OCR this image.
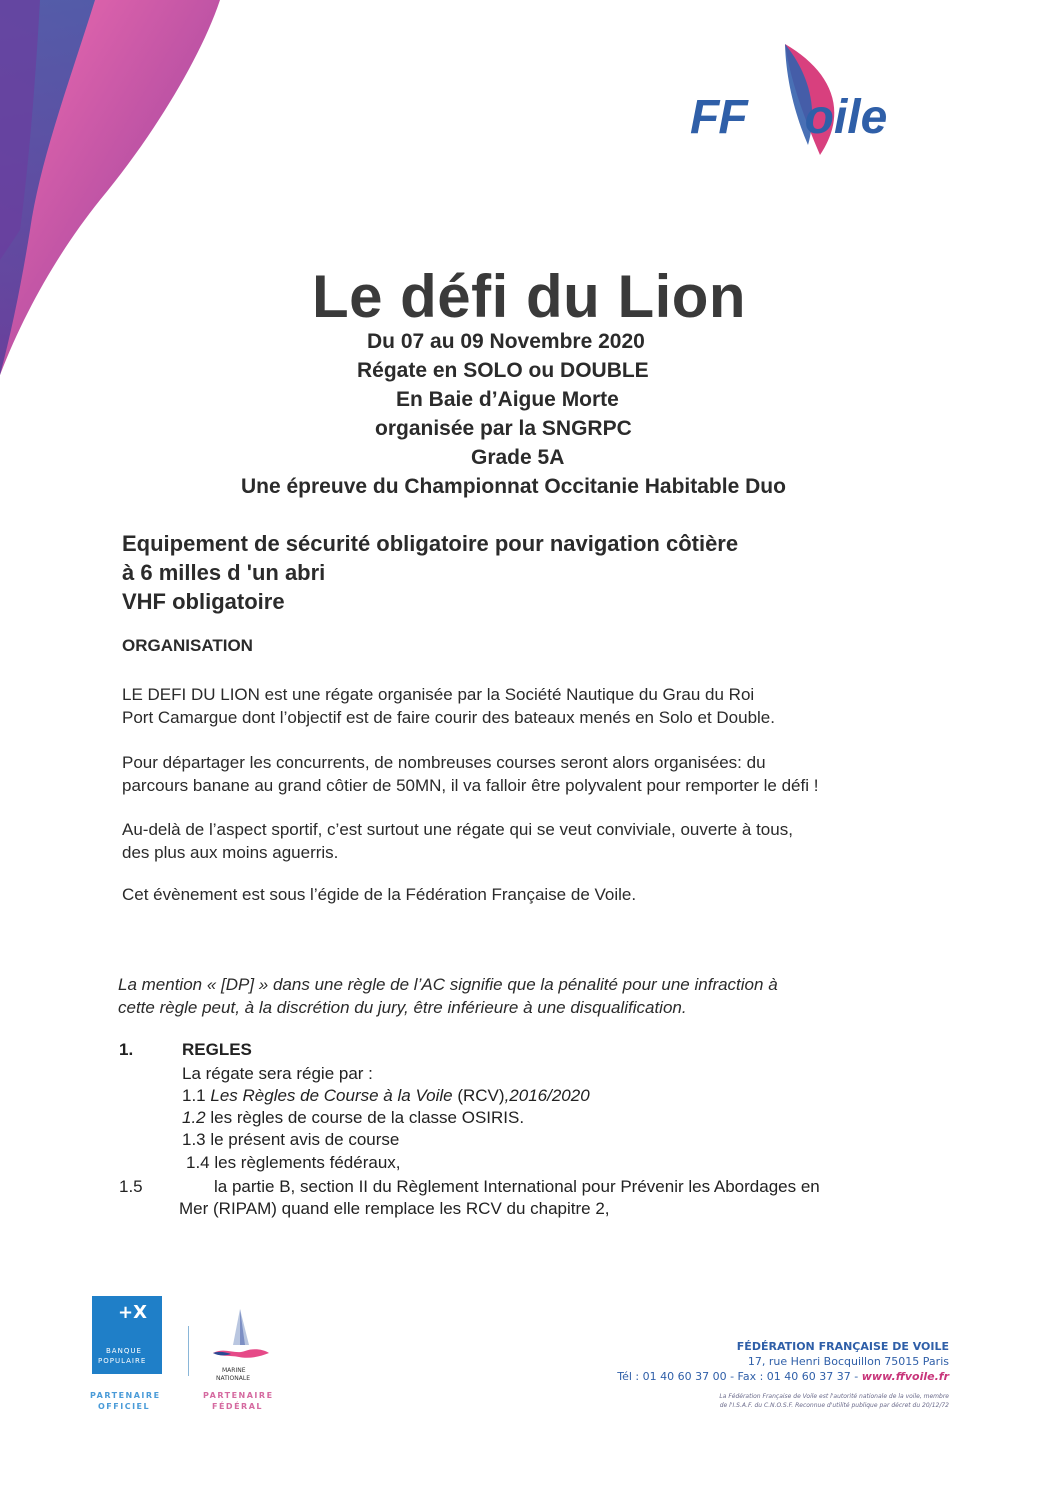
FF oile
Le défi du Lion
Du 07 au 09 Novembre 2020
Régate en SOLO ou DOUBLE
En Baie d’Aigue Morte
organisée par la SNGRPC
Grade 5A
Une épreuve du Championnat Occitanie Habitable Duo
Equipement de sécurité obligatoire pour navigation côtière
à 6 milles d 'un abri
VHF obligatoire
ORGANISATION
LE DEFI DU LION est une régate organisée par la Société Nautique du Grau du Roi
Port Camargue dont l’objectif est de faire courir des bateaux menés en Solo et Double.
Pour départager les concurrents, de nombreuses courses seront alors organisées: du
parcours banane au grand côtier de 50MN, il va falloir être polyvalent pour remporter le défi !
Au-delà de l’aspect sportif, c’est surtout une régate qui se veut conviviale, ouverte à tous,
des plus aux moins aguerris.
Cet évènement est sous l’égide de la Fédération Française de Voile.
La mention « [DP] » dans une règle de l’AC signifie que la pénalité pour une infraction à
cette règle peut, à la discrétion du jury, être inférieure à une disqualification.
1.	REGLES
La régate sera régie par :
1.1 Les Règles de Course à la Voile (RCV),2016/2020
1.2 les règles de course de la classe OSIRIS.
1.3 le présent avis de course
1.4 les règlements fédéraux,
1.5	la partie B, section II du Règlement International pour Prévenir les Abordages en
Mer (RIPAM) quand elle remplace les RCV du chapitre 2,
+X
BANQUE
POPULAIRE
PARTENAIRE
OFFICIEL
MARINE
NATIONALE
PARTENAIRE
FÉDÉRAL
FÉDÉRATION FRANÇAISE DE VOILE
17, rue Henri Bocquillon 75015 Paris
Tél : 01 40 60 37 00 - Fax : 01 40 60 37 37 - www.ffvoile.fr
La Fédération Française de Voile est l'autorité nationale de la voile, membre
de l'I.S.A.F. du C.N.O.S.F. Reconnue d'utilité publique par décret du 20/12/72
